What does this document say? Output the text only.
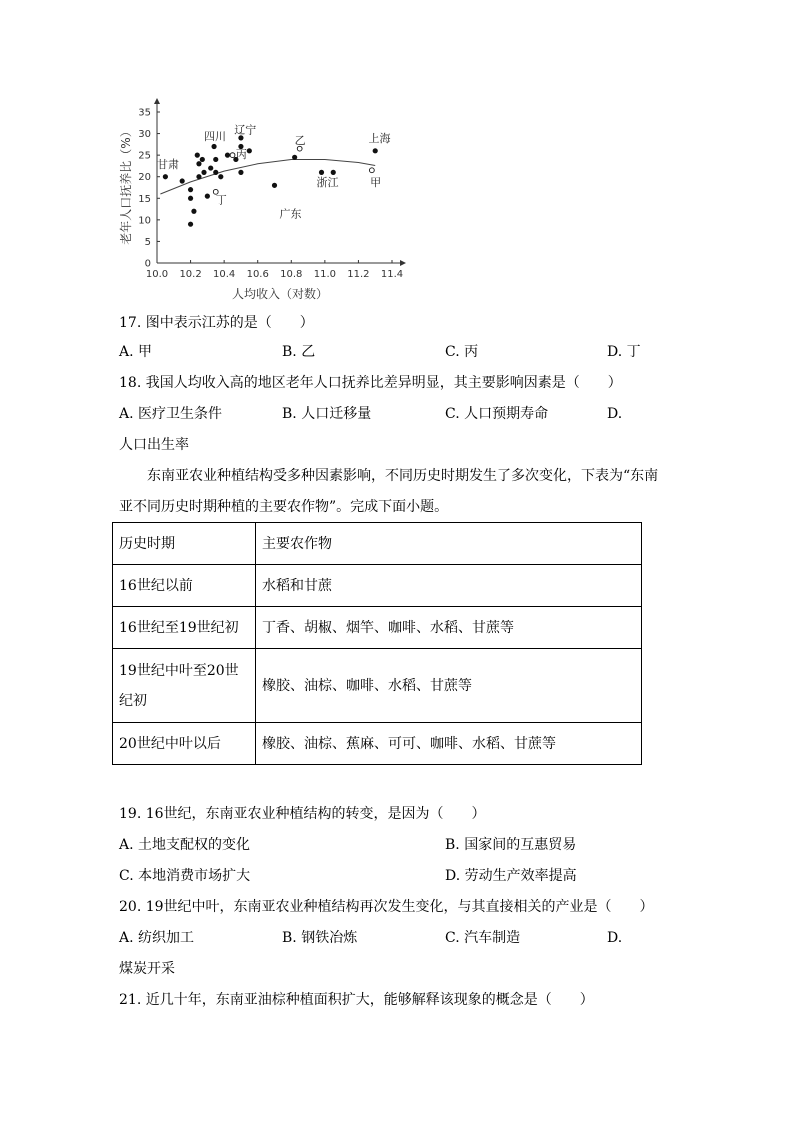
10.0 10.2 10.4 10.6 10.8 11.0 11.2 11.4
0
5
10
15
20
25
30
35
甘肃
四川 辽宁
丙
乙	上海
浙江	甲
丁
广东
人均收入（对数）
老年人口抚养比（%）
17. 图中表示江苏的是（　　）
A. 甲	B. 乙	C. 丙	D. 丁
18. 我国人均收入高的地区老年人口抚养比差异明显，其主要影响因素是（　　）
A. 医疗卫生条件	B. 人口迁移量	C. 人口预期寿命	D.
人口出生率
东南亚农业种植结构受多种因素影响，不同历史时期发生了多次变化，下表为“东南
亚不同历史时期种植的主要农作物”。完成下面小题。
历史时期	主要农作物
16世纪以前	水稻和甘蔗
16世纪至19世纪初	丁香、胡椒、烟竿、咖啡、水稻、甘蔗等
19世纪中叶至20世纪初	橡胶、油棕、咖啡、水稻、甘蔗等
20世纪中叶以后	橡胶、油棕、蕉麻、可可、咖啡、水稻、甘蔗等
19. 16世纪，东南亚农业种植结构的转变，是因为（　　）
A. 土地支配权的变化	B. 国家间的互惠贸易
C. 本地消费市场扩大	D. 劳动生产效率提高
20. 19世纪中叶，东南亚农业种植结构再次发生变化，与其直接相关的产业是（　　）
A. 纺织加工	B. 钢铁冶炼	C. 汽车制造	D.
煤炭开采
21. 近几十年，东南亚油棕种植面积扩大，能够解释该现象的概念是（　　）
